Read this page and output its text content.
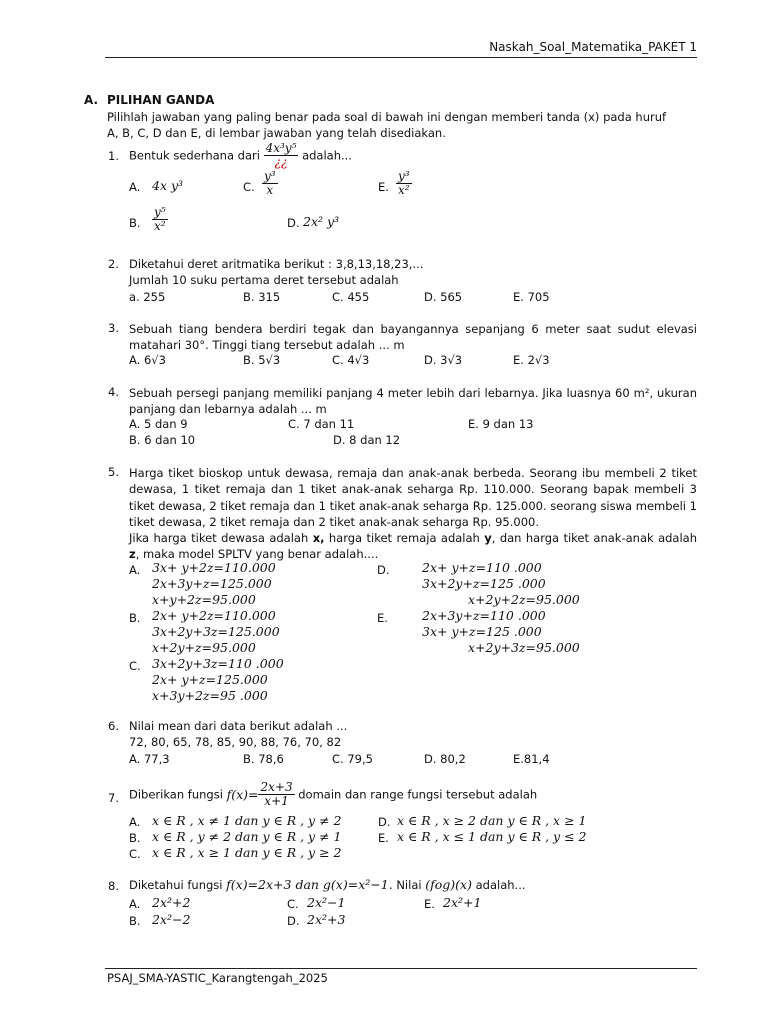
Naskah_Soal_Matematika_PAKET 1
A. PILIHAN GANDA
Pilihlah jawaban yang paling benar pada soal di bawah ini dengan memberi tanda (x) pada huruf
A, B, C, D dan E, di lembar jawaban yang telah disediakan.
1. Bentuk sederhana dari $\frac{\text{4x³y⁵}}{¿¿}$ adalah...
A. 4x y³	C. $\frac{\text{y³}}{x}$	E. $\frac{\text{y³}}{\text{x²}}$
B. $\frac{\text{y⁵}}{\text{x²}}$	D. 2x² y³
2. Diketahui deret aritmatika berikut : 3,8,13,18,23,...
Jumlah 10 suku pertama deret tersebut adalah
a. 255	B. 315	C. 455	D. 565	E. 705
3. Sebuah tiang bendera berdiri tegak dan bayangannya sepanjang 6 meter saat sudut elevasi matahari 30°. Tinggi tiang tersebut adalah ... m
A. 6√3	B. 5√3	C. 4√3	D. 3√3	E. 2√3
4. Sebuah persegi panjang memiliki panjang 4 meter lebih dari lebarnya. Jika luasnya 60 m², ukuran panjang dan lebarnya adalah ... m
A. 5 dan 9	C. 7 dan 11	E. 9 dan 13
B. 6 dan 10	D. 8 dan 12
5. Harga tiket bioskop untuk dewasa, remaja dan anak-anak berbeda. Seorang ibu membeli 2 tiket dewasa, 1 tiket remaja dan 1 tiket anak-anak seharga Rp. 110.000. Seorang bapak membeli 3 tiket dewasa, 2 tiket remaja dan 1 tiket anak-anak seharga Rp. 125.000. seorang siswa membeli 1 tiket dewasa, 2 tiket remaja dan 2 tiket anak-anak seharga Rp. 95.000.
Jika harga tiket dewasa adalah x, harga tiket remaja adalah y, dan harga tiket anak-anak adalah z, maka model SPLTV yang benar adalah....
A. 3x+ y+2z=110.000
2x+3y+z=125.000
x+y+2z=95.000
B. 2x+ y+2z=110.000
3x+2y+3z=125.000
x+2y+z=95.000
C. 3x+2y+3z=110 .000
2x+ y+z=125.000
x+3y+2z=95 .000
D.	2x+ y+z=110 .000
3x+2y+z=125 .000
x+2y+2z=95.000
E.	2x+3y+z=110 .000
3x+ y+z=125 .000
x+2y+3z=95.000
6. Nilai mean dari data berikut adalah ...
72, 80, 65, 78, 85, 90, 88, 76, 70, 82
A. 77,3	B. 78,6	C. 79,5	D. 80,2	E.81,4
7. Diberikan fungsi $f(x)= \frac{2x+3}{x+1}$ domain dan range fungsi tersebut adalah
A. x ∈ R , x ≠ 1 dan y ∈ R , y ≠ 2	D. x ∈ R , x ≥ 2 dan y ∈ R , x ≥ 1
B. x ∈ R , y ≠ 2 dan y ∈ R , y ≠ 1	E. x ∈ R , x ≤ 1 dan y ∈ R , y ≤ 2
C. x ∈ R , x ≥ 1 dan y ∈ R , y ≥ 2
8. Diketahui fungsi f(x)=2x+3 dan g(x)=x²−1. Nilai (fog)(x) adalah...
A. 2x²+2	C. 2x²−1	E. 2x²+1
B. 2x²−2	D. 2x²+3
PSAJ_SMA-YASTIC_Karangtengah_2025
